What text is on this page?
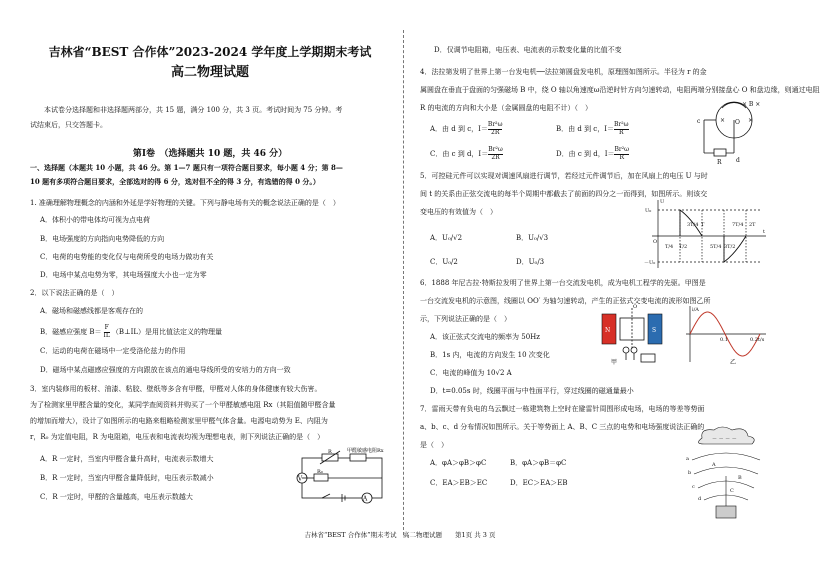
吉林省“BEST 合作体”2023-2024 学年度上学期期末考试
高二物理试题
本试卷分选择题和非选择题两部分，共 15 题，满分 100 分，共 3 页。考试时间为 75 分钟。考
试结束后，只交答题卡。
第Ⅰ卷　（选择题共 10 题，共 46 分）
一、选择题（本题共 10 小题，共 46 分。第 1—7 题只有一项符合题目要求，每小题 4 分；第 8—
10 题有多项符合题目要求，全部选对的得 6 分，选对但不全的得 3 分，有选错的得 0 分。）
1. 准确理解物理概念的内涵和外延是学好物理的关键。下列与静电场有关的概念说法正确的是（　）
A．体积小的带电体均可视为点电荷
B．电场强度的方向指向电势降低的方向
C．电荷的电势能的变化仅与电荷所受的电场力做功有关
D．电场中某点电势为零，其电场强度大小也一定为零
2．以下说法正确的是（　）
A．磁场和磁感线都是客观存在的
B．磁感应强度 $B= \frac{F}{IL}$ （B⊥IL）是用比值法定义的物理量
C．运动的电荷在磁场中一定受洛伦兹力的作用
D．磁场中某点磁感应强度的方向跟放在该点的通电导线所受的安培力的方向一致
3．室内装修用的板材、油漆、粘胶、壁纸等多含有甲醛，甲醛对人体的身体健康有较大伤害。
为了检测家里甲醛含量的变化，某同学查阅资料并购买了一个甲醛敏感电阻 Rx（其阻值随甲醛含量
的增加而增大），设计了如图所示的电路来粗略检测家里甲醛气体含量。电源电动势为 E、内阻为
r，R₀ 为定值电阻，R 为电阻箱，电压表和电流表均视为理想电表，则下列说法正确的是（　）
A．R 一定时，当室内甲醛含量升高时，电流表示数增大
B．R 一定时，当室内甲醛含量降低时，电压表示数减小
C．R 一定时，甲醛的含量越高，电压表示数越大
V
A
R₀
R	甲醛敏感电阻Rx
D．仅调节电阻箱，电压表、电流表的示数变化量的比值不变
4．法拉第发明了世界上第一台发电机──法拉第圆盘发电机，原理图如图所示。半径为 r 的金
属圆盘在垂直于盘面的匀强磁场 B 中，绕 O 轴以角速度ω沿逆时针方向匀速转动，电阻两端分别接盘心 O 和盘边缘，则通过电阻
R 的电流的方向和大小是（金属圆盘的电阻不计）（　）
A．由 d 到 c，$I= \frac{\text{Br²ω}}{2R}$	B．由 d 到 c，$I= \frac{\text{Br²ω}}{R}$
C．由 c 到 d，$I= \frac{\text{Br²ω}}{2R}$	D．由 c 到 d，$I= \frac{\text{Br²ω}}{R}$
× B ×
×
× O
c
d
R
5．可控硅元件可以实现对调速风扇进行调节，若经过元件调节后，加在风扇上的电压 U 与时
间 t 的关系由正弦交流电的每半个周期中都截去了前面的四分之一而得到，如图所示。则该交
变电压的有效值为（　）
A．U₀/√2	B．U₀/√3
C．U₀/2	D．U₀/3
U
t
U₀
－U₀
O
T/4 T/2
3T/4 T
5T/4 3T/2
7T/4 2T
6．1888 年尼古拉·特斯拉发明了世界上第一台交流发电机，成为电机工程学的先驱。甲图是
一台交流发电机的示意图，线圈以 OO′ 为轴匀速转动，产生的正弦式交变电流的波形如图乙所
示，下列说法正确的是（　）
A．该正弦式交流电的频率为 50Hz
B．1s 内，电流的方向发生 10 次变化
C．电流的峰值为 10√2 A
D．t=0.05s 时，线圈平面与中性面平行，穿过线圈的磁通量最小
N	S
O
甲
i/A
t/s
0.1	0.2
乙
7．雷雨天带有负电的乌云飘过一栋建筑物上空时在避雷针周围形成电场，电场的等差等势面
a、b、c、d 分布情况如图所示。关于等势面上 A、B、C 三点的电势和电场强度说法正确的
是（　）
A．φA＞φB＞φC	B．φA＞φB＝φC
C．EA＞EB＞EC	D．EC＞EA＞EB
－ － － －
a
b
c
d
A
B
C
吉林省“BEST 合作体”期末考试　高二物理试题　　第1页 共 3 页
